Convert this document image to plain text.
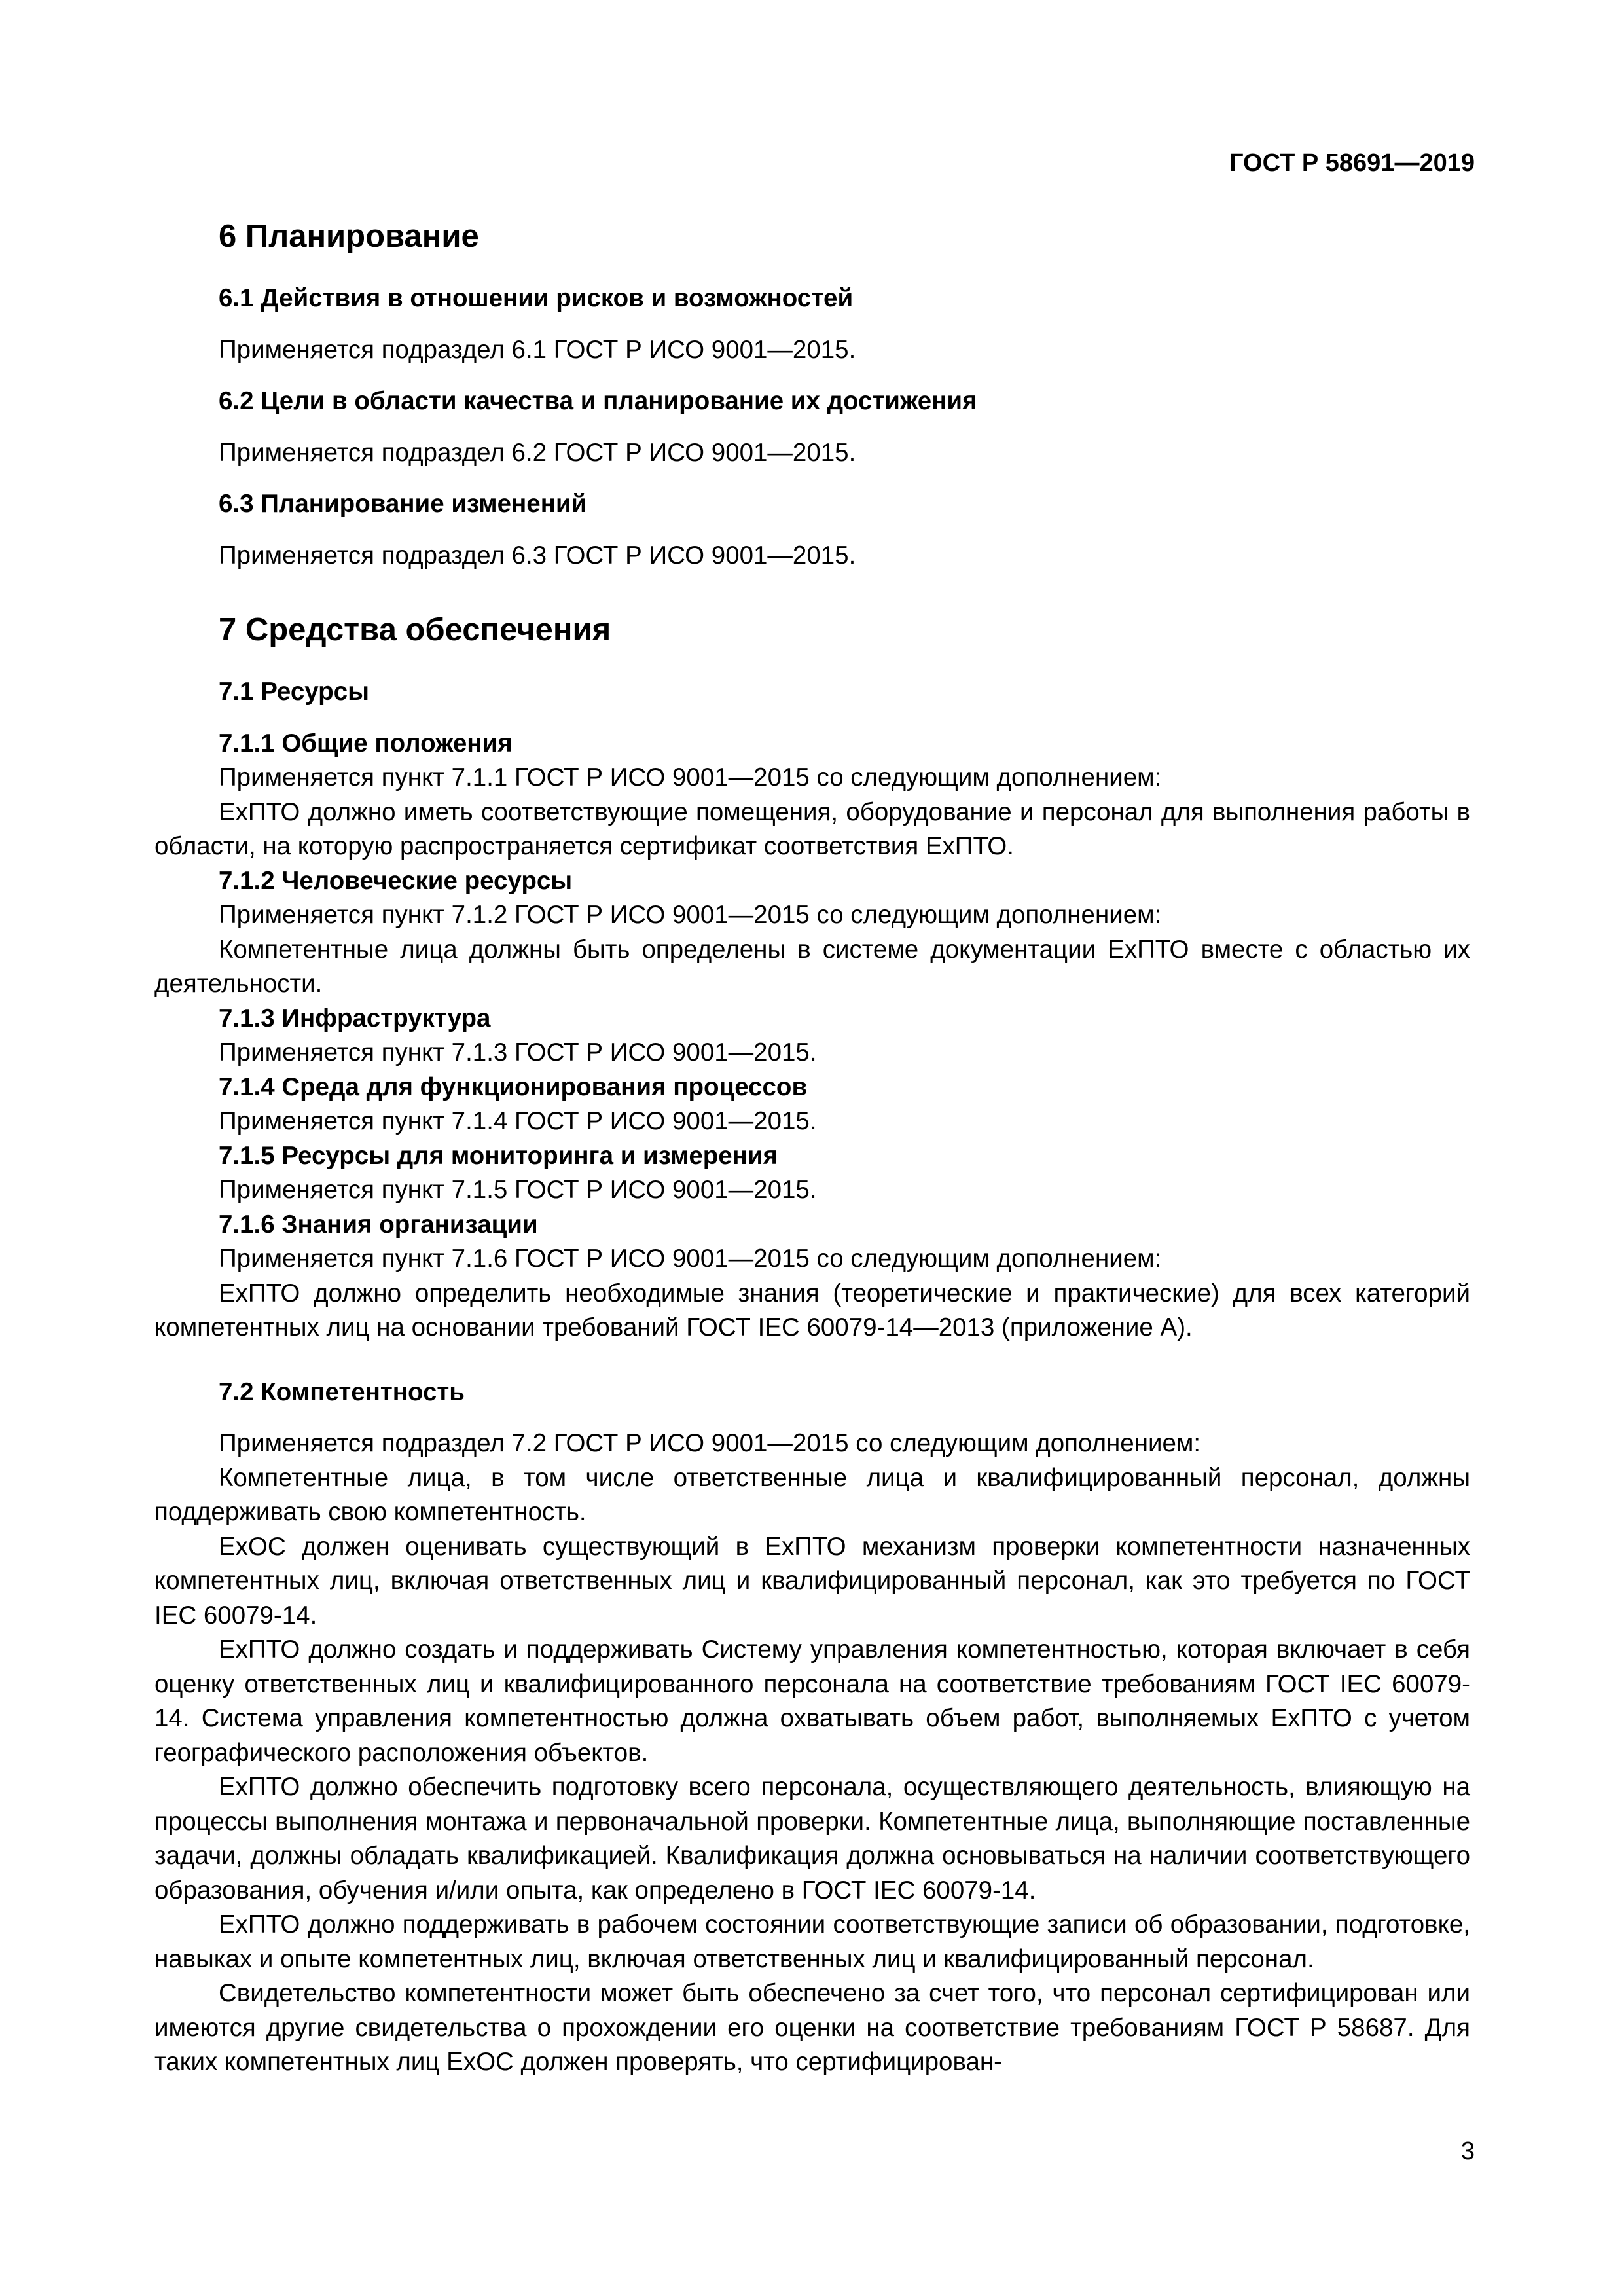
ГОСТ Р 58691—2019
6 Планирование
6.1 Действия в отношении рисков и возможностей
Применяется подраздел 6.1 ГОСТ Р ИСО 9001—2015.
6.2 Цели в области качества и планирование их достижения
Применяется подраздел 6.2 ГОСТ Р ИСО 9001—2015.
6.3 Планирование изменений
Применяется подраздел 6.3 ГОСТ Р ИСО 9001—2015.
7 Средства обеспечения
7.1 Ресурсы
7.1.1 Общие положения
Применяется пункт 7.1.1 ГОСТ Р ИСО 9001—2015 со следующим дополнением:
ExПТО должно иметь соответствующие помещения, оборудование и персонал для выполнения работы в области, на которую распространяется сертификат соответствия ExПТО.
7.1.2 Человеческие ресурсы
Применяется пункт 7.1.2 ГОСТ Р ИСО 9001—2015 со следующим дополнением:
Компетентные лица должны быть определены в системе документации ExПТО вместе с областью их деятельности.
7.1.3 Инфраструктура
Применяется пункт 7.1.3 ГОСТ Р ИСО 9001—2015.
7.1.4 Среда для функционирования процессов
Применяется пункт 7.1.4 ГОСТ Р ИСО 9001—2015.
7.1.5 Ресурсы для мониторинга и измерения
Применяется пункт 7.1.5 ГОСТ Р ИСО 9001—2015.
7.1.6 Знания организации
Применяется пункт 7.1.6 ГОСТ Р ИСО 9001—2015 со следующим дополнением:
ExПТО должно определить необходимые знания (теоретические и практические) для всех категорий компетентных лиц на основании требований ГОСТ IEC 60079-14—2013 (приложение А).
7.2 Компетентность
Применяется подраздел 7.2 ГОСТ Р ИСО 9001—2015 со следующим дополнением:
Компетентные лица, в том числе ответственные лица и квалифицированный персонал, должны поддерживать свою компетентность.
ExОС должен оценивать существующий в ExПТО механизм проверки компетентности назначенных компетентных лиц, включая ответственных лиц и квалифицированный персонал, как это требуется по ГОСТ IEC 60079-14.
ExПТО должно создать и поддерживать Систему управления компетентностью, которая включает в себя оценку ответственных лиц и квалифицированного персонала на соответствие требованиям ГОСТ IEC 60079-14. Система управления компетентностью должна охватывать объем работ, выполняемых ExПТО с учетом географического расположения объектов.
ExПТО должно обеспечить подготовку всего персонала, осуществляющего деятельность, влияющую на процессы выполнения монтажа и первоначальной проверки. Компетентные лица, выполняющие поставленные задачи, должны обладать квалификацией. Квалификация должна основываться на наличии соответствующего образования, обучения и/или опыта, как определено в ГОСТ IEC 60079-14.
ExПТО должно поддерживать в рабочем состоянии соответствующие записи об образовании, подготовке, навыках и опыте компетентных лиц, включая ответственных лиц и квалифицированный персонал.
Свидетельство компетентности может быть обеспечено за счет того, что персонал сертифицирован или имеются другие свидетельства о прохождении его оценки на соответствие требованиям ГОСТ Р 58687. Для таких компетентных лиц ExОС должен проверять, что сертифицирован-
3
